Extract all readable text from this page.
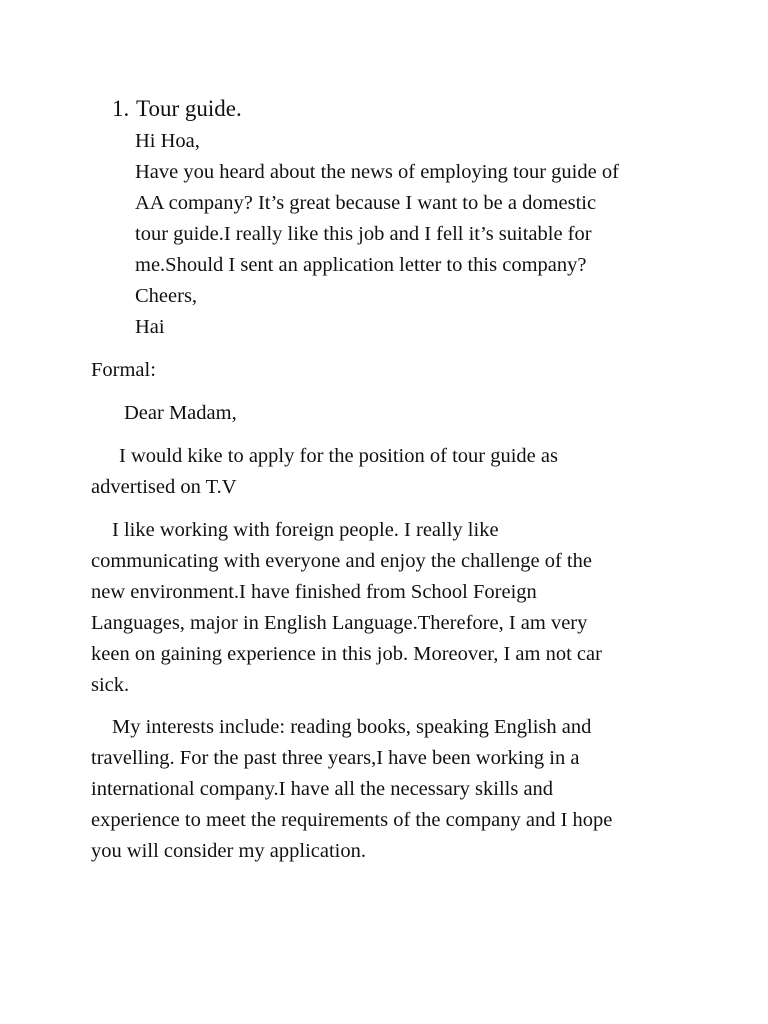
1. Tour guide.
Hi Hoa,
Have you heard about the news of employing tour guide of
AA company? It’s great because I want to be a domestic
tour guide.I really like this job and I fell it’s suitable for
me.Should I sent an application letter to this company?
Cheers,
Hai
Formal:
Dear Madam,
I would kike to apply for the position of tour guide as
advertised on T.V
I like working with foreign people. I really like
communicating with everyone and enjoy the challenge of the
new environment.I have finished from School Foreign
Languages, major in English Language.Therefore, I am very
keen on gaining experience in this job. Moreover, I am not car
sick.
My interests include: reading books, speaking English and
travelling. For the past three years,I have been working in a
international company.I have all the necessary skills and
experience to meet the requirements of the company and I hope
you will consider my application.
